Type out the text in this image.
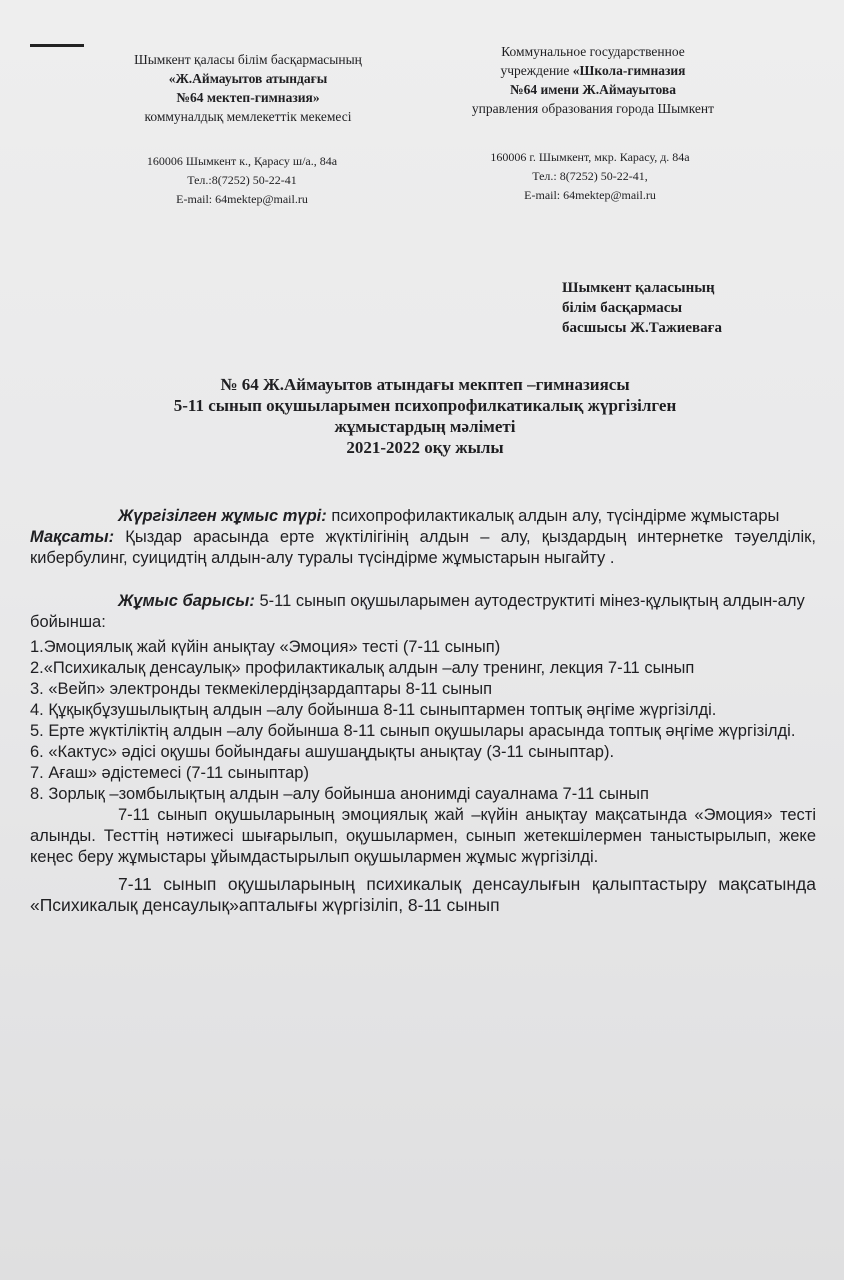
Шымкент қаласы білім басқармасының
«Ж.Аймауытов атындағы
№64 мектеп-гимназия»
коммуналдық мемлекеттік мекемесі
Коммунальное государственное
учреждение «Школа-гимназия
№64 имени Ж.Аймауытова
управления образования города Шымкент
160006 Шымкент к., Қарасу ш/а., 84а
Тел.:8(7252) 50-22-41
E-mail: 64mektep@mail.ru
160006 г. Шымкент, мкр. Карасу, д. 84а
Тел.: 8(7252) 50-22-41,
E-mail: 64mektep@mail.ru
Шымкент қаласының
білім басқармасы
басшысы Ж.Тажиеваға
№ 64 Ж.Аймауытов атындағы мекптеп –гимназиясы
5-11 сынып оқушыларымен психопрофилкатикалық жүргізілген
жұмыстардың мәліметі
2021-2022 оқу жылы

Жүргізілген жұмыс түрі: психопрофилактикалық алдын алу, түсіндірме жұмыстары

Мақсаты: Қыздар арасында ерте жүктілігінің алдын – алу, қыздардың интернетке тәуелділік, кибербулинг, суицидтің алдын-алу туралы түсіндірме жұмыстарын ныгайту .

Жұмыс барысы: 5-11 сынып оқушыларымен аутодеструктиті мінез-құлықтың алдын-алу бойынша:

1.Эмоциялық жай күйін анықтау «Эмоция» тесті (7-11 сынып)
2.«Психикалық денсаулық» профилактикалық алдын –алу тренинг, лекция 7-11 сынып
3. «Вейп» электронды текмекілердіңзардаптары 8-11 сынып
4. Құқықбұзушылықтың алдын –алу бойынша 8-11 сыныптармен топтық әңгіме жүргізілді.
5. Ерте жүктіліктің алдын –алу бойынша 8-11 сынып оқушылары арасында топтық әңгіме жүргізілді.
6. «Кактус» әдісі оқушы бойындағы ашушаңдықты анықтау (3-11 сыныптар).
7. Ағаш» әдістемесі (7-11 сыныптар)
8. Зорлық –зомбылықтың алдын –алу бойынша анонимді сауалнама 7-11 сынып

7-11 сынып оқушыларының эмоциялық жай –күйін анықтау мақсатында «Эмоция» тесті алынды. Тесттің нәтижесі шығарылып, оқушылармен, сынып жетекшілермен таныстырылып, жеке кеңес беру жұмыстары ұйымдастырылып оқушылармен жұмыс жүргізілді.

7-11 сынып оқушыларының психикалық денсаулығын қалыптастыру мақсатында «Психикалық денсаулық»апталығы жүргізіліп, 8-11 сынып
